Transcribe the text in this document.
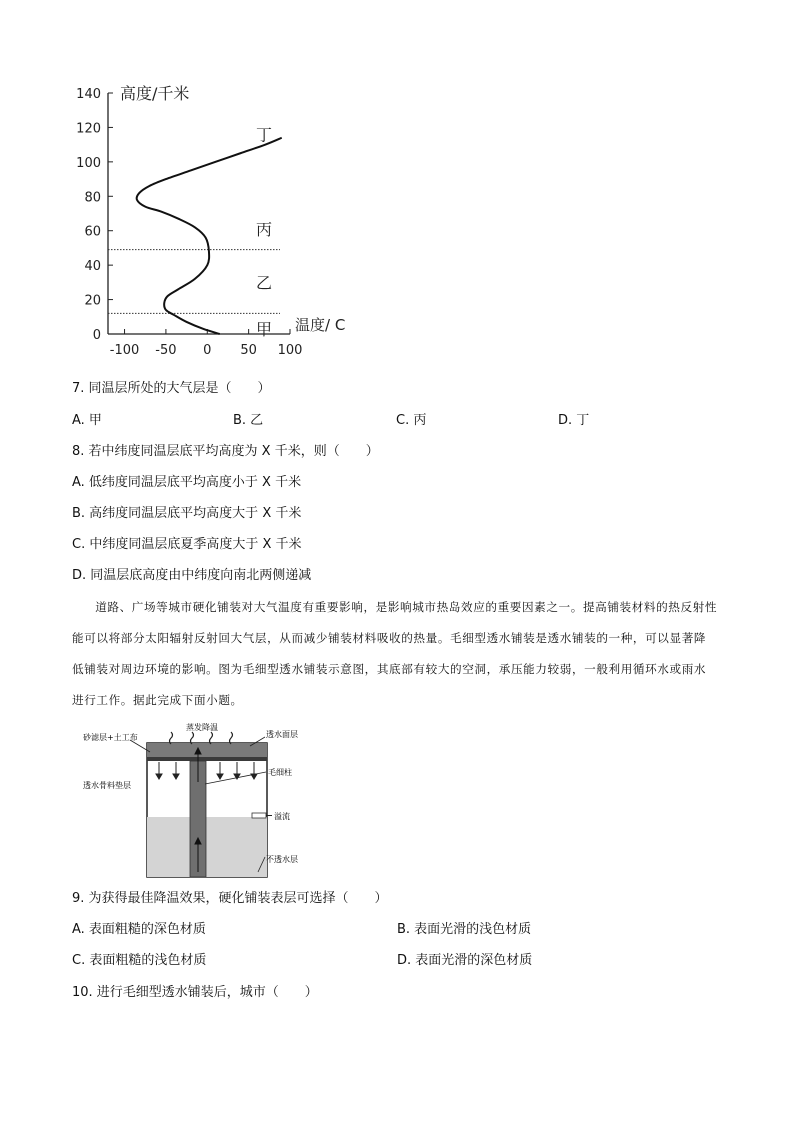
0
20
40
60
80
100
120
140
-100 -50 0 50 100
高度/千米
温度/ C
甲
乙
丙
丁
7. 同温层所处的大气层是（　　）
A. 甲	B. 乙	C. 丙	D. 丁
8. 若中纬度同温层底平均高度为 X 千米，则（　　）
A. 低纬度同温层底平均高度小于 X 千米
B. 高纬度同温层底平均高度大于 X 千米
C. 中纬度同温层底夏季高度大于 X 千米
D. 同温层底高度由中纬度向南北两侧递减
道路、广场等城市硬化铺装对大气温度有重要影响，是影响城市热岛效应的重要因素之一。提高铺装材料的热反射性能可以将部分太阳辐射反射回大气层，从而减少铺装材料吸收的热量。毛细型透水铺装是透水铺装的一种，可以显著降低铺装对周边环境的影响。图为毛细型透水铺装示意图，其底部有较大的空洞，承压能力较弱，一般利用循环水或雨水进行工作。据此完成下面小题。
蒸发降温
砂滤层+土工布	透水面层
透水骨料垫层
毛细柱
溢流
不透水层
9. 为获得最佳降温效果，硬化铺装表层可选择（　　）
A. 表面粗糙的深色材质	B. 表面光滑的浅色材质
C. 表面粗糙的浅色材质	D. 表面光滑的深色材质
10. 进行毛细型透水铺装后，城市（　　）
